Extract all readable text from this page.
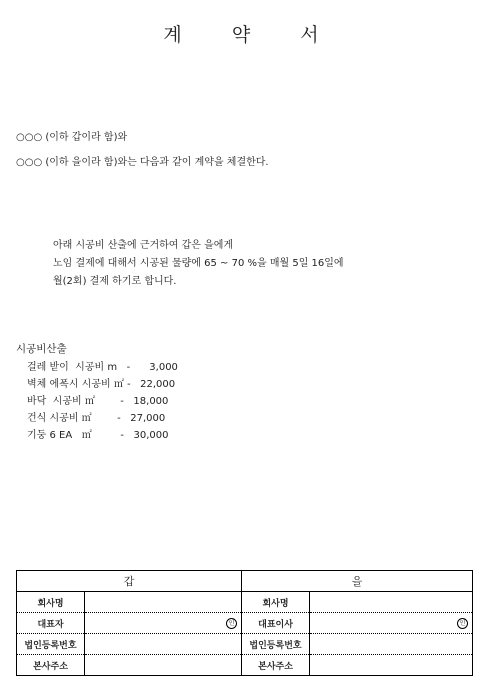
계	약	서
○○○ (이하 갑이라 함)와
○○○ (이하 을이라 함)와는 다음과 같이 계약을 체결한다.
아래 시공비 산출에 근거하여 갑은 을에게
노임 결제에 대해서 시공된 물량에 65 ~ 70 %을 매월 5일 16일에
월(2회) 결제 하기로 합니다.
시공비산출
걸레 받이  시공비 m   -      3,000
벽체 에폭시 시공비 ㎡ -   22,000
바닥  시공비 ㎡        -   18,000
건식 시공비 ㎡        -   27,000
기둥 6 EA   ㎡         -   30,000
갑		을	
회사명		회사명	
대표자	인	대표이사	인
법인등록번호		법인등록번호	
본사주소		본사주소	
